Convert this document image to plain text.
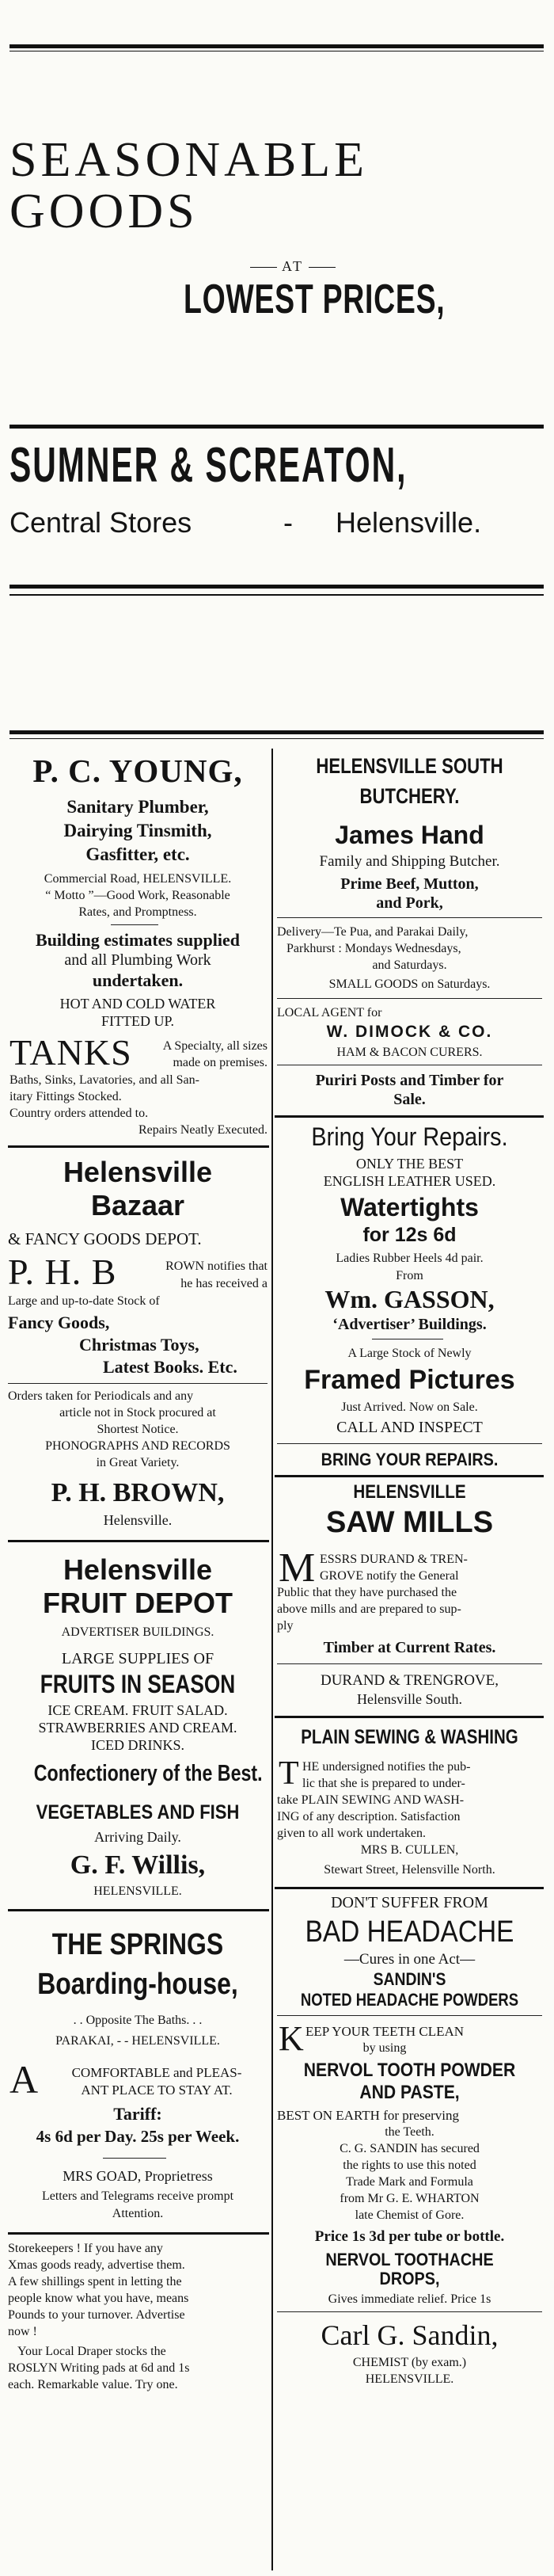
SEASONABLE
GOODS
AT
LOWEST PRICES,
SUMNER & SCREATON,
Central Stores	- Helensville.
P. C. YOUNG,
Sanitary Plumber,
Dairying Tinsmith,
Gasfitter, etc.
Commercial Road, HELENSVILLE.
“ Motto ”—Good Work, Reasonable
Rates, and Promptness.
Building estimates supplied
and all Plumbing Work
undertaken.
HOT AND COLD WATER
FITTED UP.
TANKS	A Specialty, all sizes
made on premises.
Baths, Sinks, Lavatories, and all San-
itary Fittings Stocked.
Country orders attended to.
Repairs Neatly Executed.
Helensville
Bazaar
& FANCY GOODS DEPOT.
P. H. B	ROWN notifies that
he has received a
Large and up-to-date Stock of
Fancy Goods,
Christmas Toys,
Latest Books. Etc.
Orders taken for Periodicals and any
article not in Stock procured at
Shortest Notice.
PHONOGRAPHS AND RECORDS
in Great Variety.
P. H. BROWN,
Helensville.
Helensville
FRUIT DEPOT
ADVERTISER BUILDINGS.
LARGE SUPPLIES OF
FRUITS IN SEASON
ICE CREAM. FRUIT SALAD.
STRAWBERRIES AND CREAM.
ICED DRINKS.
Confectionery of the Best.
VEGETABLES AND FISH
Arriving Daily.
G. F. Willis,
HELENSVILLE.
THE SPRINGS
Boarding-house,
. . Opposite The Baths. . .
PARAKAI, - - HELENSVILLE.
A	COMFORTABLE and PLEAS-
ANT PLACE TO STAY AT.
Tariff:
4s 6d per Day. 25s per Week.
MRS GOAD, Proprietress
Letters and Telegrams receive prompt
Attention.
Storekeepers ! If you have any
Xmas goods ready, advertise them.
A few shillings spent in letting the
people know what you have, means
Pounds to your turnover. Advertise
now !
Your Local Draper stocks the
ROSLYN Writing pads at 6d and 1s
each. Remarkable value. Try one.
HELENSVILLE SOUTH
BUTCHERY.
James Hand
Family and Shipping Butcher.
Prime Beef, Mutton,
and Pork,
Delivery—Te Pua, and Parakai Daily,
Parkhurst : Mondays Wednesdays,
and Saturdays.
SMALL GOODS on Saturdays.
LOCAL AGENT for
W. DIMOCK & CO.
HAM & BACON CURERS.
Puriri Posts and Timber for
Sale.
Bring Your Repairs.
ONLY THE BEST
ENGLISH LEATHER USED.
Watertights
for 12s 6d
Ladies Rubber Heels 4d pair.
From
Wm. GASSON,
‘Advertiser’ Buildings.
A Large Stock of Newly
Framed Pictures
Just Arrived. Now on Sale.
CALL AND INSPECT
BRING YOUR REPAIRS.
HELENSVILLE
SAW MILLS
M ESSRS DURAND & TREN-
GROVE notify the General
Public that they have purchased the
above mills and are prepared to sup-
ply
Timber at Current Rates.
DURAND & TRENGROVE,
Helensville South.
PLAIN SEWING & WASHING
T HE undersigned notifies the pub-
lic that she is prepared to under-
take PLAIN SEWING AND WASH-
ING of any description. Satisfaction
given to all work undertaken.
MRS B. CULLEN,
Stewart Street, Helensville North.
DON'T SUFFER FROM
BAD HEADACHE
—Cures in one Act—
SANDIN'S
NOTED HEADACHE POWDERS
K EEP YOUR TEETH CLEAN
by using
NERVOL TOOTH POWDER
AND PASTE,
BEST ON EARTH for preserving
the Teeth.
C. G. SANDIN has secured
the rights to use this noted
Trade Mark and Formula
from Mr G. E. WHARTON
late Chemist of Gore.
Price 1s 3d per tube or bottle.
NERVOL TOOTHACHE
DROPS,
Gives immediate relief. Price 1s
Carl G. Sandin,
CHEMIST (by exam.)
HELENSVILLE.
